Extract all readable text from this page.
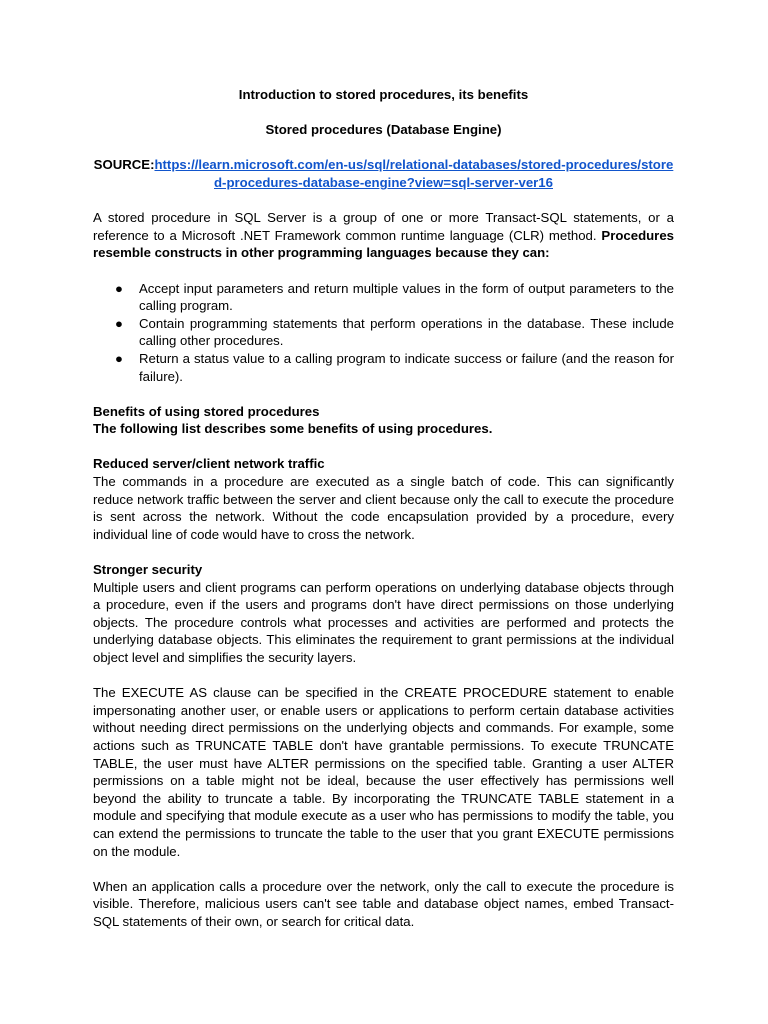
Introduction to stored procedures, its benefits

Stored procedures (Database Engine)

SOURCE:https://learn.microsoft.com/en-us/sql/relational-databases/stored-procedures/stored-procedures-database-engine?view=sql-server-ver16

A stored procedure in SQL Server is a group of one or more Transact-SQL statements, or a reference to a Microsoft .NET Framework common runtime language (CLR) method. Procedures resemble constructs in other programming languages because they can:

● Accept input parameters and return multiple values in the form of output parameters to the calling program.
● Contain programming statements that perform operations in the database. These include calling other procedures.
● Return a status value to a calling program to indicate success or failure (and the reason for failure).

Benefits of using stored procedures

The following list describes some benefits of using procedures.

Reduced server/client network traffic

The commands in a procedure are executed as a single batch of code. This can significantly reduce network traffic between the server and client because only the call to execute the procedure is sent across the network. Without the code encapsulation provided by a procedure, every individual line of code would have to cross the network.

Stronger security

Multiple users and client programs can perform operations on underlying database objects through a procedure, even if the users and programs don't have direct permissions on those underlying objects. The procedure controls what processes and activities are performed and protects the underlying database objects. This eliminates the requirement to grant permissions at the individual object level and simplifies the security layers.

The EXECUTE AS clause can be specified in the CREATE PROCEDURE statement to enable impersonating another user, or enable users or applications to perform certain database activities without needing direct permissions on the underlying objects and commands. For example, some actions such as TRUNCATE TABLE don't have grantable permissions. To execute TRUNCATE TABLE, the user must have ALTER permissions on the specified table. Granting a user ALTER permissions on a table might not be ideal, because the user effectively has permissions well beyond the ability to truncate a table. By incorporating the TRUNCATE TABLE statement in a module and specifying that module execute as a user who has permissions to modify the table, you can extend the permissions to truncate the table to the user that you grant EXECUTE permissions on the module.

When an application calls a procedure over the network, only the call to execute the procedure is visible. Therefore, malicious users can't see table and database object names, embed Transact-SQL statements of their own, or search for critical data.
